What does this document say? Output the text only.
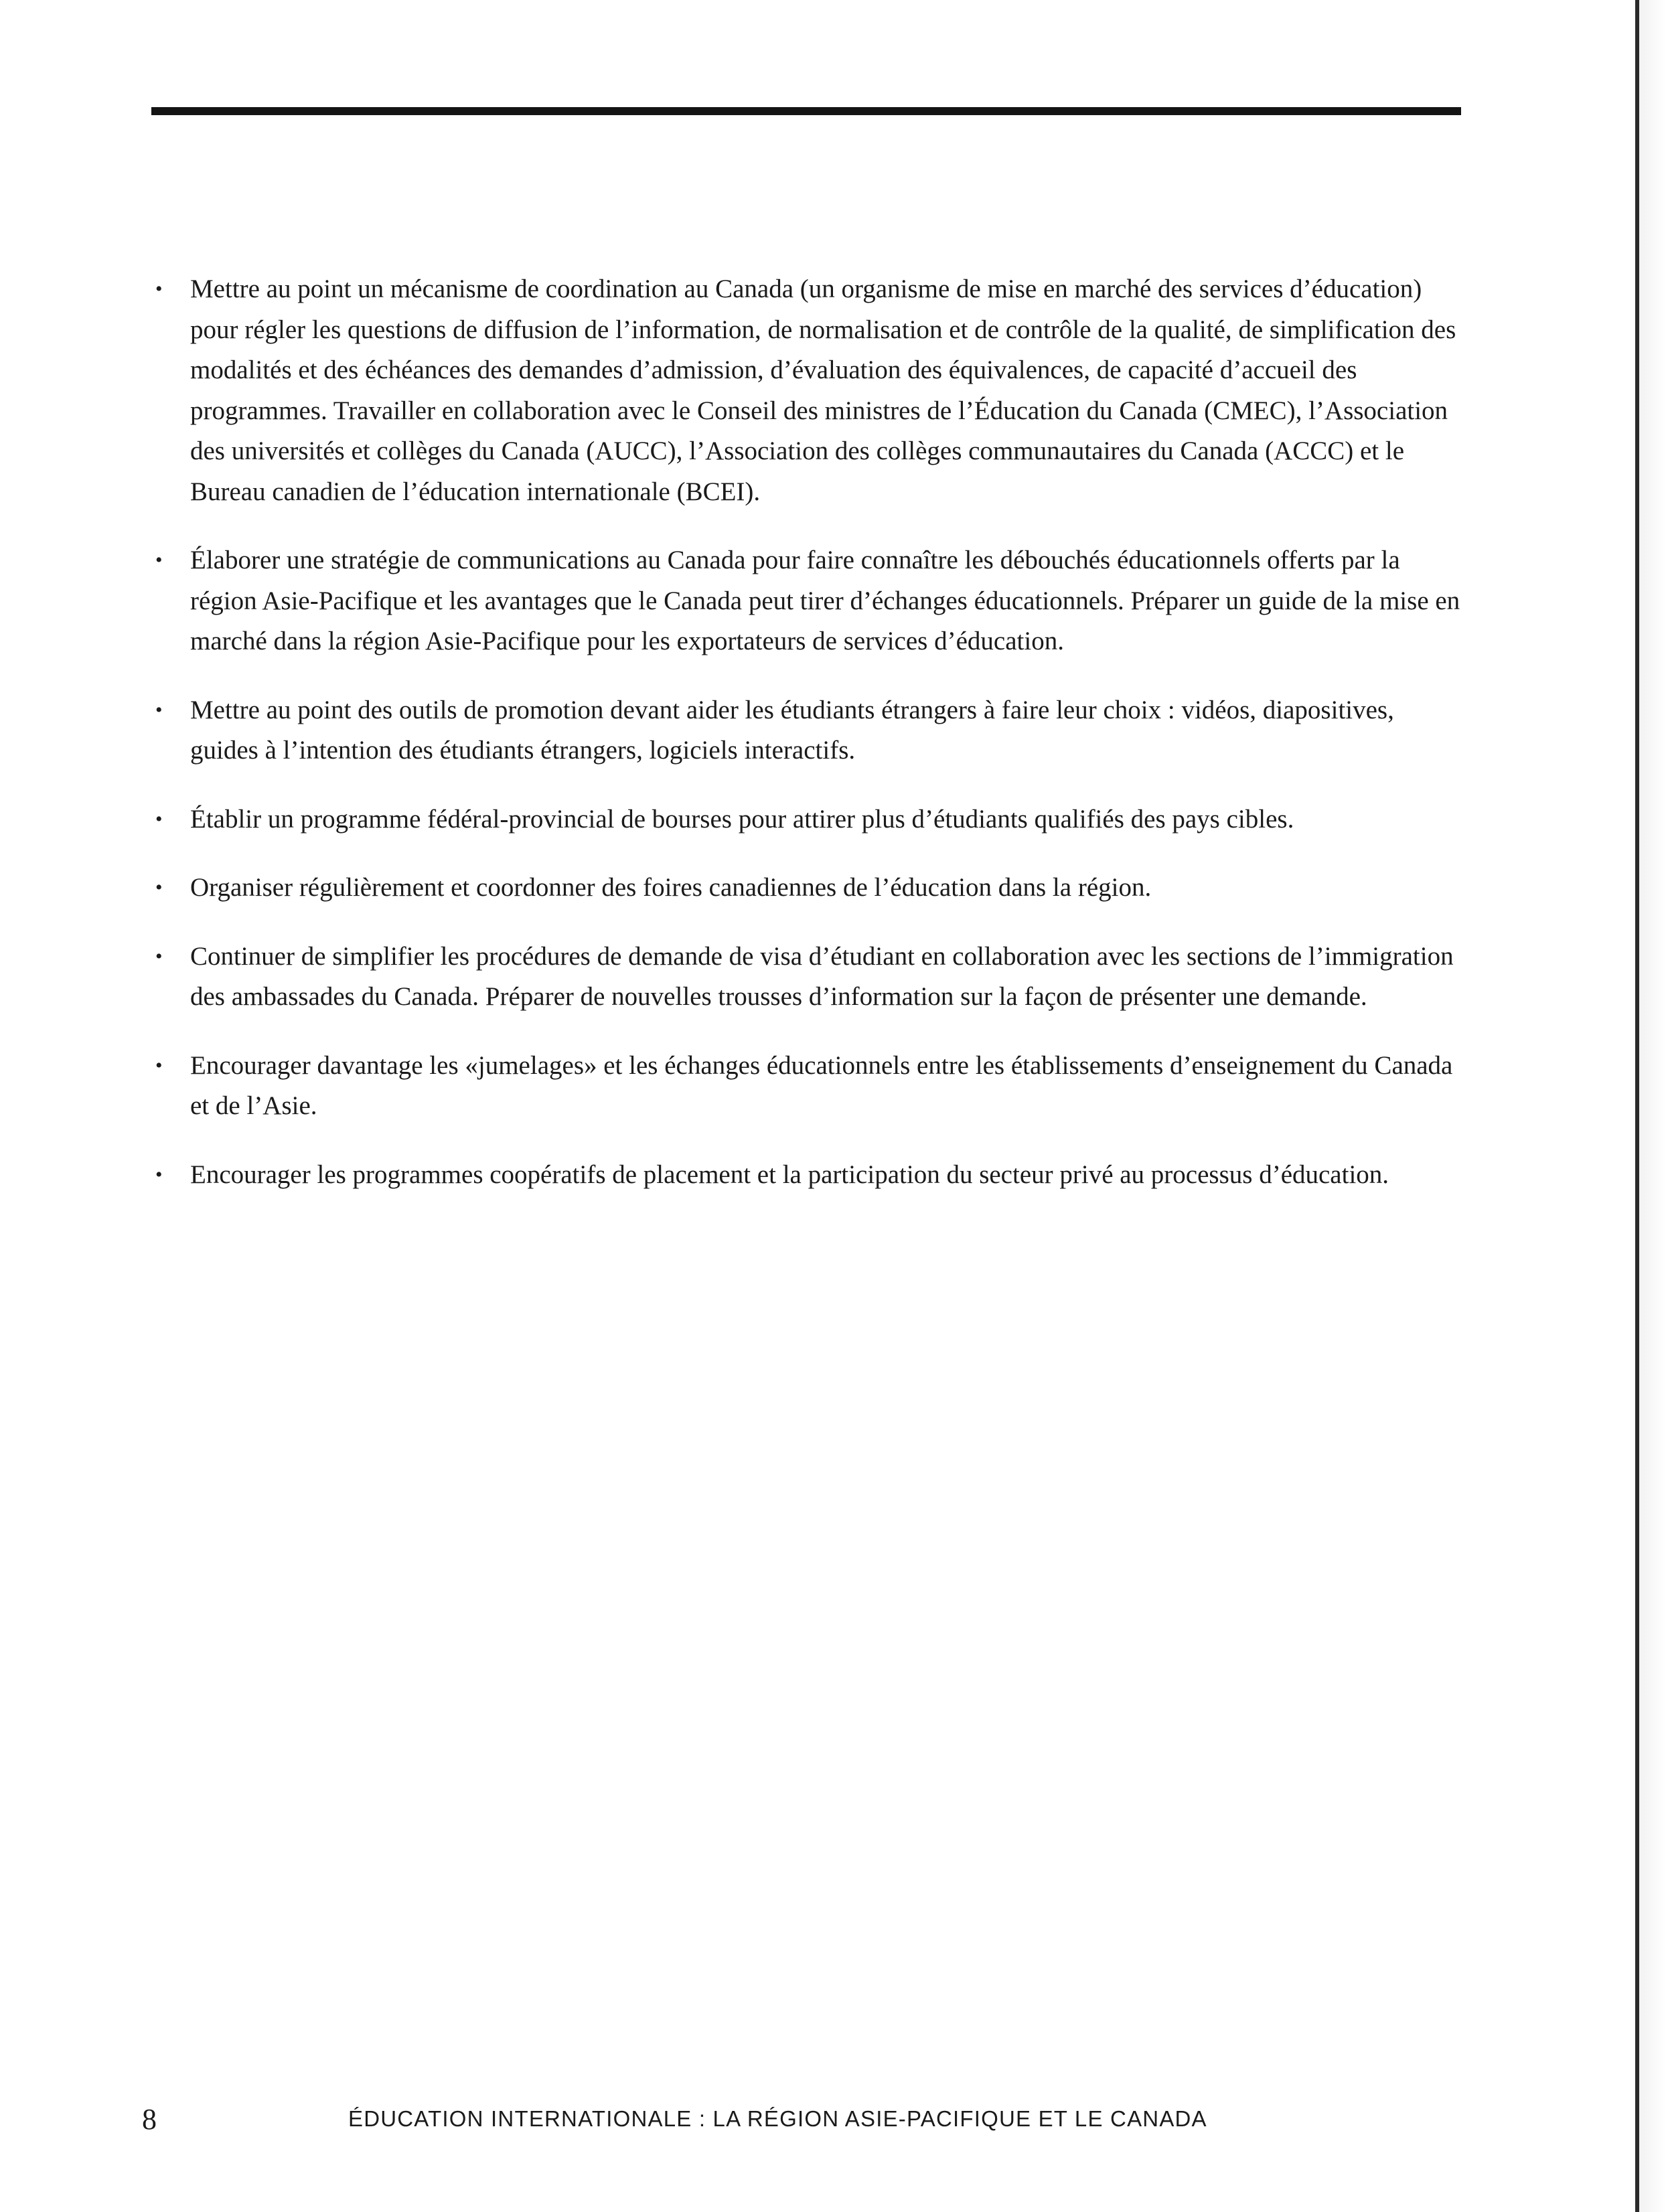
•	Mettre au point un mécanisme de coordination au Canada (un organisme de mise en marché des services d’éducation) pour régler les questions de diffusion de l’information, de normalisation et de contrôle de la qualité, de simplification des modalités et des échéances des demandes d’admission, d’évaluation des équivalences, de capacité d’accueil des programmes. Travailler en collaboration avec le Conseil des ministres de l’Éducation du Canada (CMEC), l’Association des universités et collèges du Canada (AUCC), l’Association des collèges communautaires du Canada (ACCC) et le Bureau canadien de l’éducation internationale (BCEI).
•	Élaborer une stratégie de communications au Canada pour faire connaître les débouchés éducationnels offerts par la région Asie-Pacifique et les avantages que le Canada peut tirer d’échanges éducationnels. Préparer un guide de la mise en marché dans la région Asie-Pacifique pour les exportateurs de services d’éducation.
•	Mettre au point des outils de promotion devant aider les étudiants étrangers à faire leur choix : vidéos, diapositives, guides à l’intention des étudiants étrangers, logiciels interactifs.
•	Établir un programme fédéral-provincial de bourses pour attirer plus d’étudiants qualifiés des pays cibles.
•	Organiser régulièrement et coordonner des foires canadiennes de l’éducation dans la région.
•	Continuer de simplifier les procédures de demande de visa d’étudiant en collaboration avec les sections de l’immigration des ambassades du Canada. Préparer de nouvelles trousses d’information sur la façon de présenter une demande.
•	Encourager davantage les «jumelages» et les échanges éducationnels entre les établissements d’enseignement du Canada et de l’Asie.
•	Encourager les programmes coopératifs de placement et la participation du secteur privé au processus d’éducation.
8	ÉDUCATION INTERNATIONALE : LA RÉGION ASIE-PACIFIQUE ET LE CANADA
